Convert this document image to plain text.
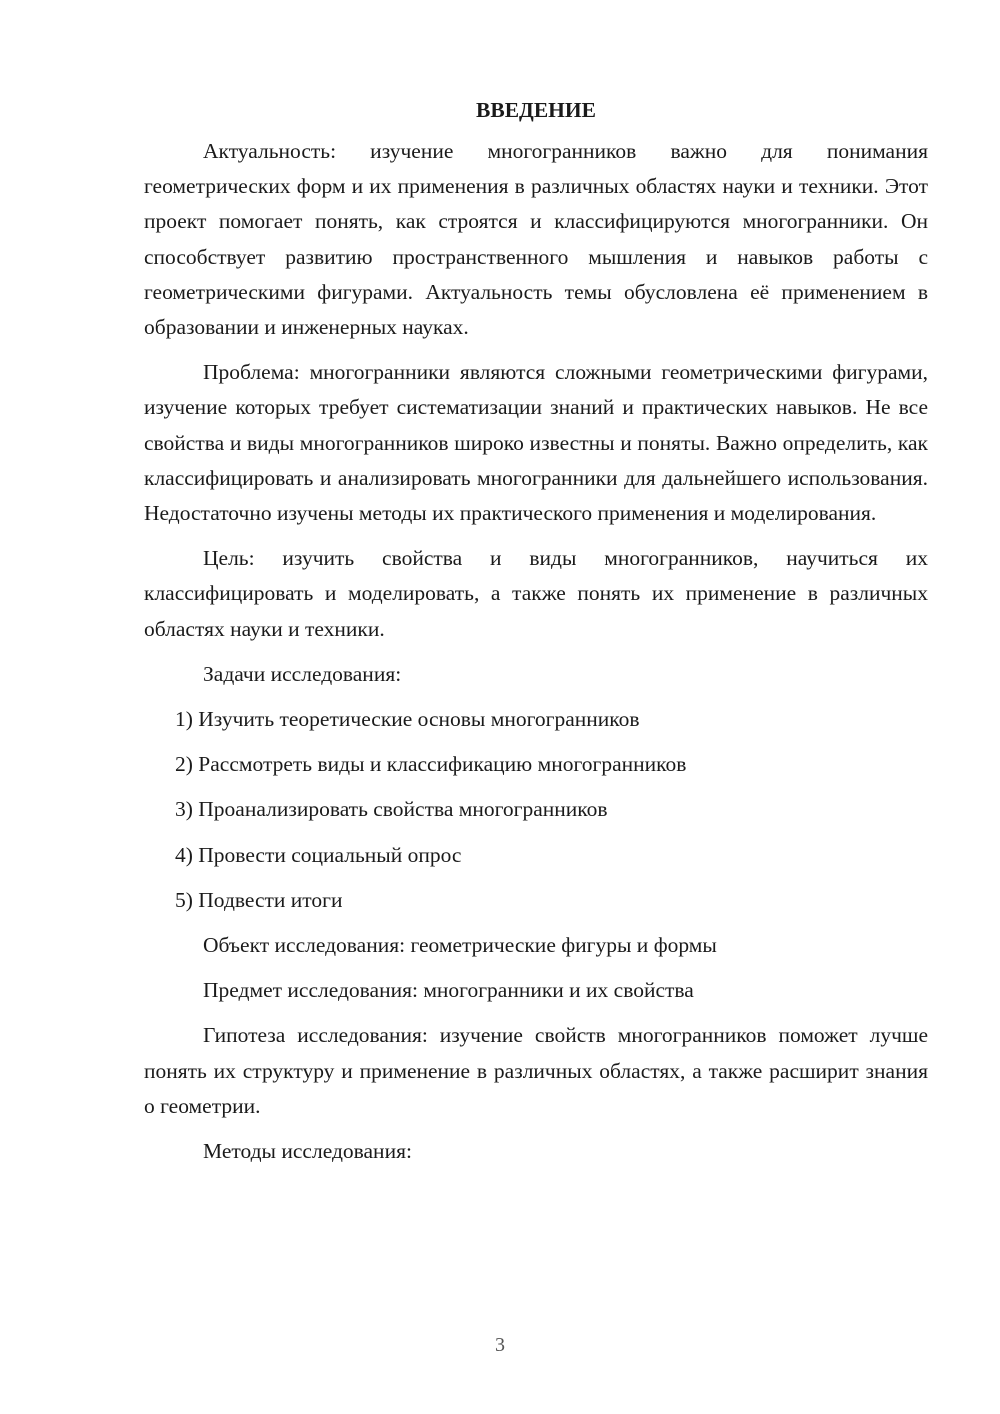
ВВЕДЕНИЕ

Актуальность: изучение многогранников важно для понимания геометрических форм и их применения в различных областях науки и техники. Этот проект помогает понять, как строятся и классифицируются многогранники. Он способствует развитию пространственного мышления и навыков работы с геометрическими фигурами. Актуальность темы обусловлена её применением в образовании и инженерных науках.

Проблема: многогранники являются сложными геометрическими фигурами, изучение которых требует систематизации знаний и практических навыков. Не все свойства и виды многогранников широко известны и поняты. Важно определить, как классифицировать и анализировать многогранники для дальнейшего использования. Недостаточно изучены методы их практического применения и моделирования.

Цель: изучить свойства и виды многогранников, научиться их классифицировать и моделировать, а также понять их применение в различных областях науки и техники.

Задачи исследования:

1) Изучить теоретические основы многогранников

2) Рассмотреть виды и классификацию многогранников

3) Проанализировать свойства многогранников

4) Провести социальный опрос

5) Подвести итоги

Объект исследования: геометрические фигуры и формы

Предмет исследования: многогранники и их свойства

Гипотеза исследования: изучение свойств многогранников поможет лучше понять их структуру и применение в различных областях, а также расширит знания о геометрии.

Методы исследования:

3
